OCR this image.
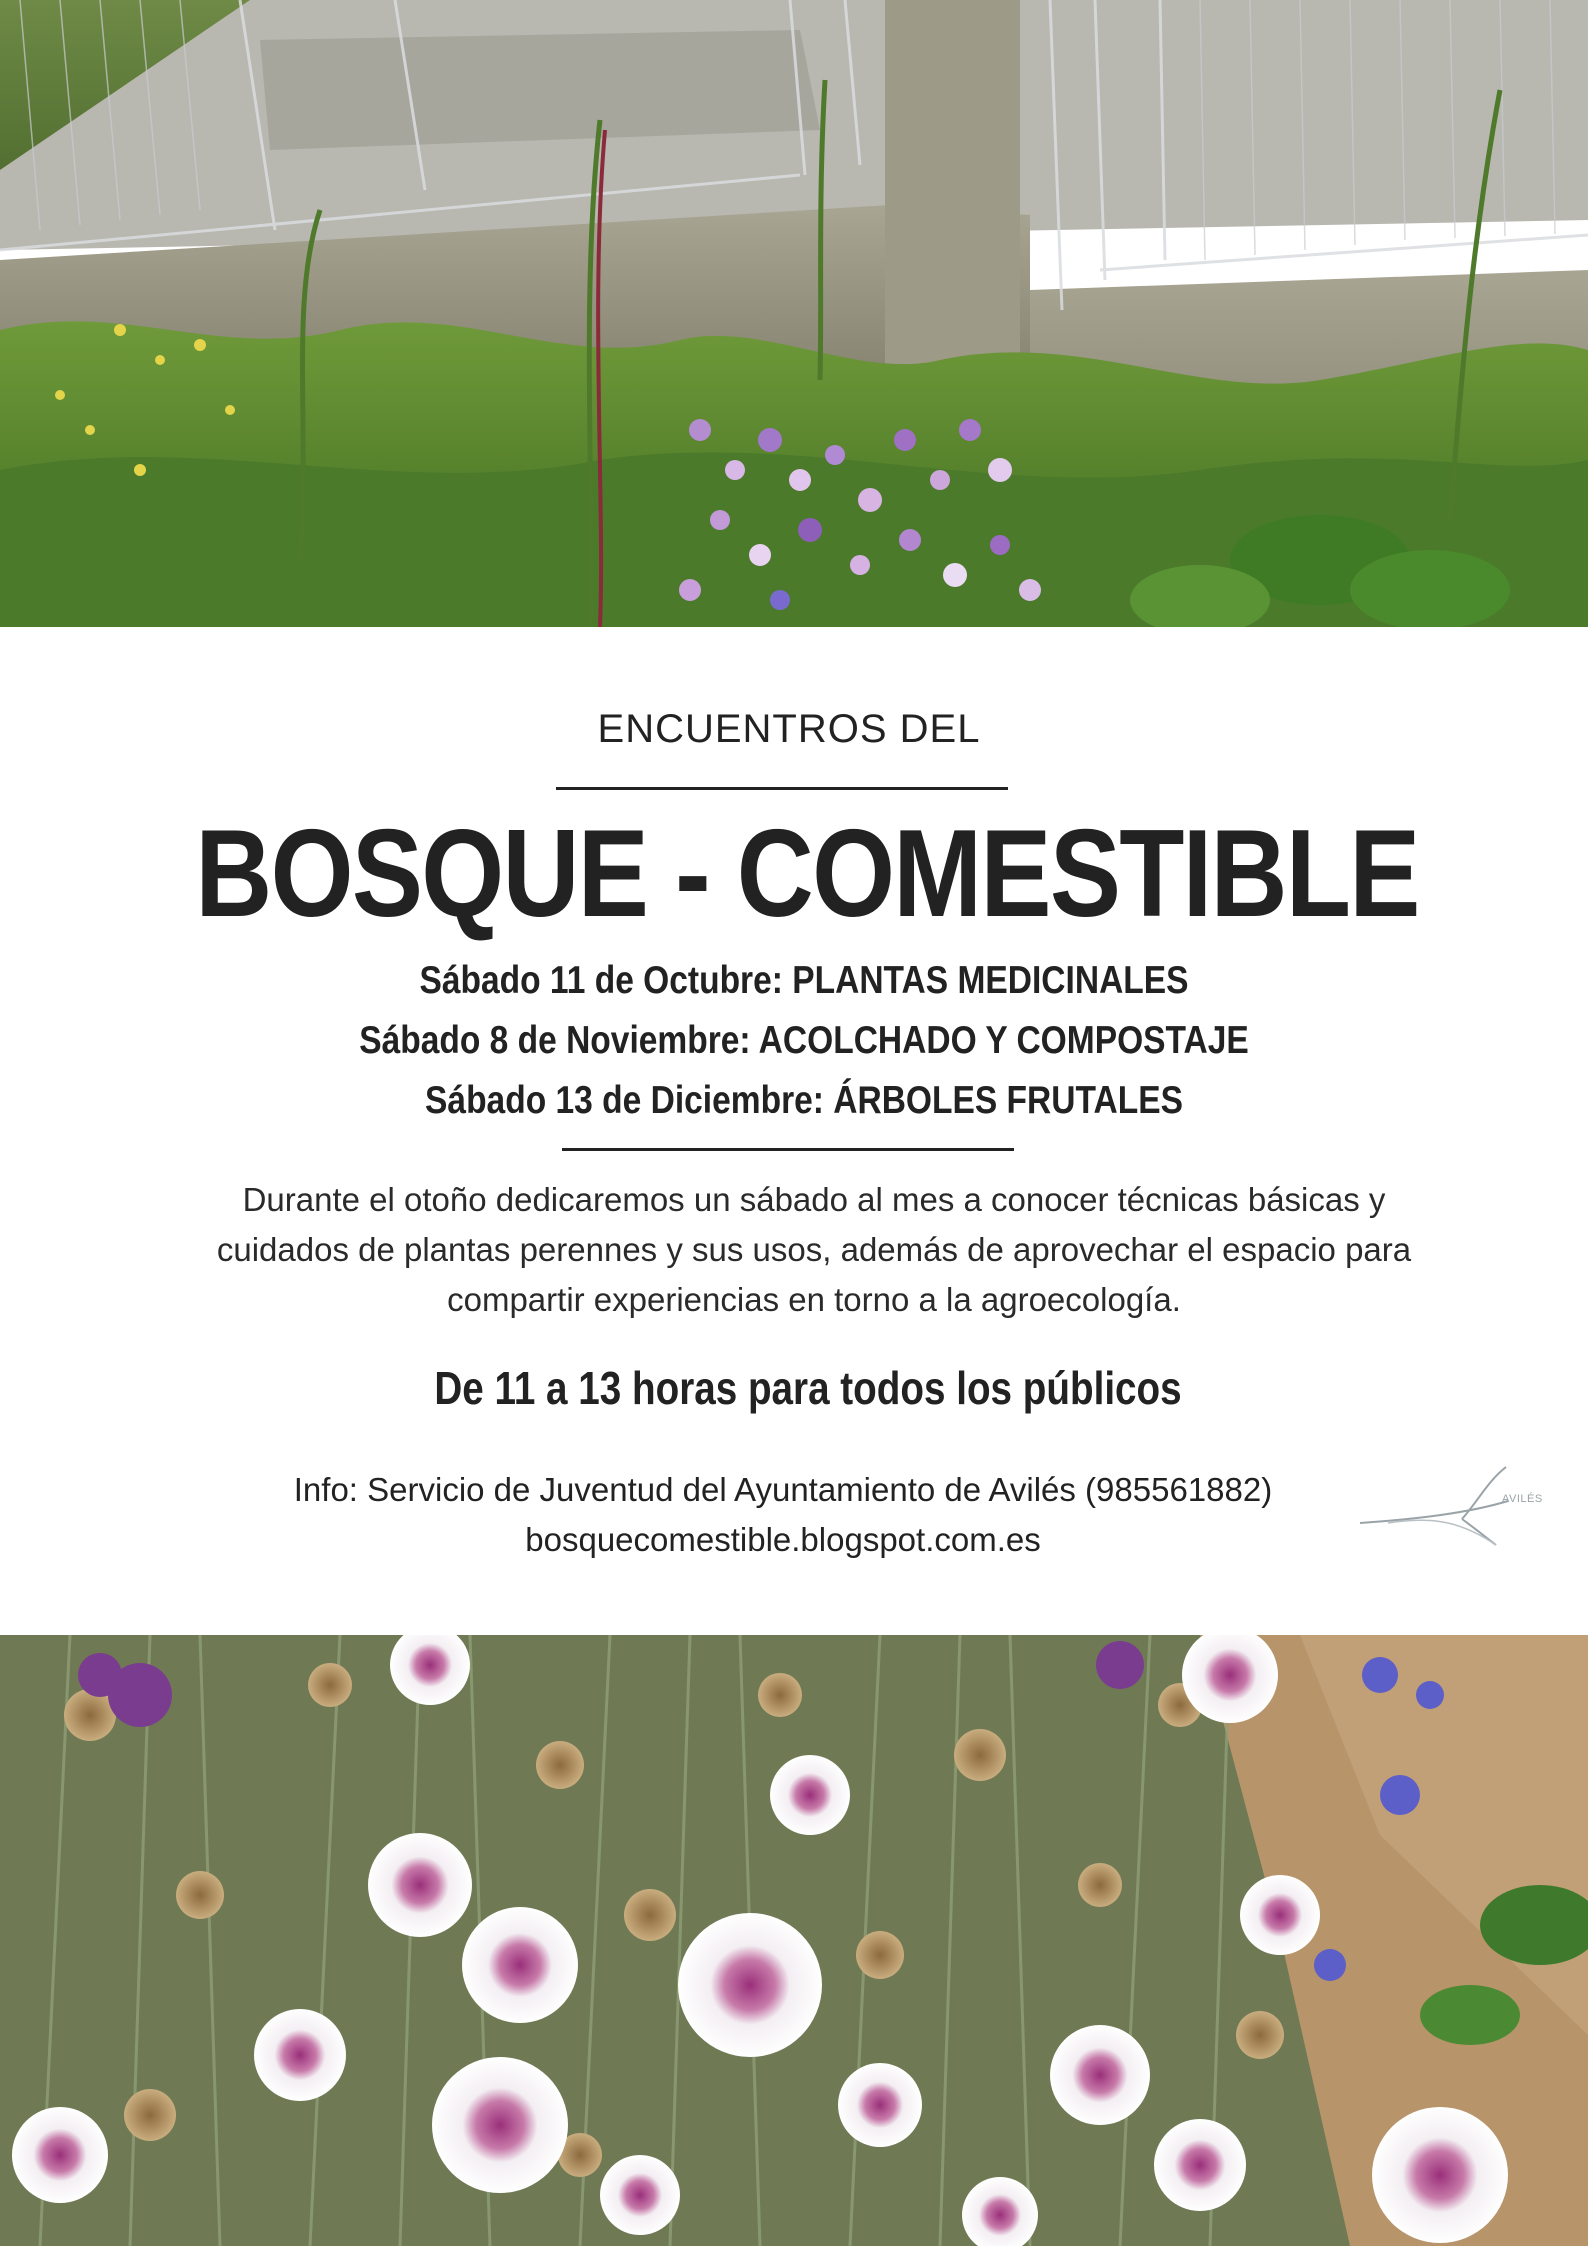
ENCUENTROS DEL
BOSQUE - COMESTIBLE
Sábado 11 de Octubre: PLANTAS MEDICINALES
Sábado 8 de Noviembre: ACOLCHADO Y COMPOSTAJE
Sábado 13 de Diciembre: ÁRBOLES FRUTALES
Durante el otoño dedicaremos un sábado al mes a conocer técnicas básicas y cuidados de plantas perennes y sus usos, además de aprovechar el espacio para compartir experiencias en torno a la agroecología.
De 11 a 13 horas para todos los públicos
Info: Servicio de Juventud del Ayuntamiento de Avilés (985561882)
bosquecomestible.blogspot.com.es
AVILÉS
